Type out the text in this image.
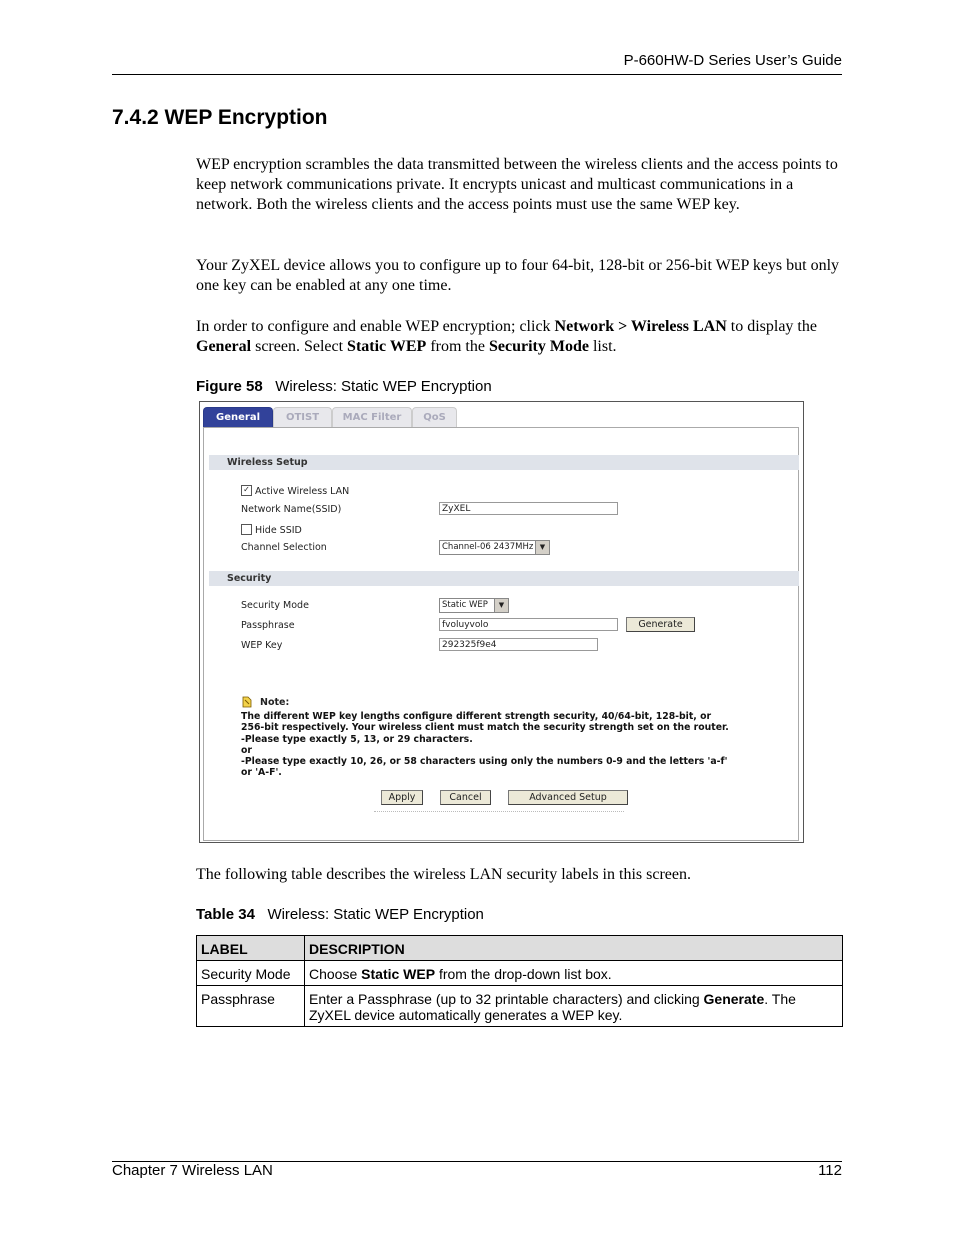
P-660HW-D Series User’s Guide
7.4.2 WEP Encryption
WEP encryption scrambles the data transmitted between the wireless clients and the access points to keep network communications private. It encrypts unicast and multicast communications in a network. Both the wireless clients and the access points must use the same WEP key.
Your ZyXEL device allows you to configure up to four 64-bit, 128-bit or 256-bit WEP keys but only one key can be enabled at any one time.
In order to configure and enable WEP encryption; click Network > Wireless LAN to display the General screen. Select Static WEP from the Security Mode list.
Figure 58 Wireless: Static WEP Encryption
General	OTIST	MAC Filter	QoS
Wireless Setup
✓ Active Wireless LAN
Network Name(SSID)	ZyXEL
Hide SSID
Channel Selection	Channel-06 2437MHz ▼
Security
Security Mode	Static WEP	▼
Passphrase	fvoluyvolo	Generate
WEP Key	292325f9e4
Note:
The different WEP key lengths configure different strength security, 40/64-bit, 128-bit, or
256-bit respectively. Your wireless client must match the security strength set on the router.
-Please type exactly 5, 13, or 29 characters.
or
-Please type exactly 10, 26, or 58 characters using only the numbers 0-9 and the letters 'a-f'
or 'A-F'.
Apply	Cancel	Advanced Setup
The following table describes the wireless LAN security labels in this screen.
Table 34 Wireless: Static WEP Encryption
LABEL	DESCRIPTION
Security Mode	Choose Static WEP from the drop-down list box.
Passphrase	Enter a Passphrase (up to 32 printable characters) and clicking Generate. The ZyXEL device automatically generates a WEP key.
Chapter 7 Wireless LAN	112
